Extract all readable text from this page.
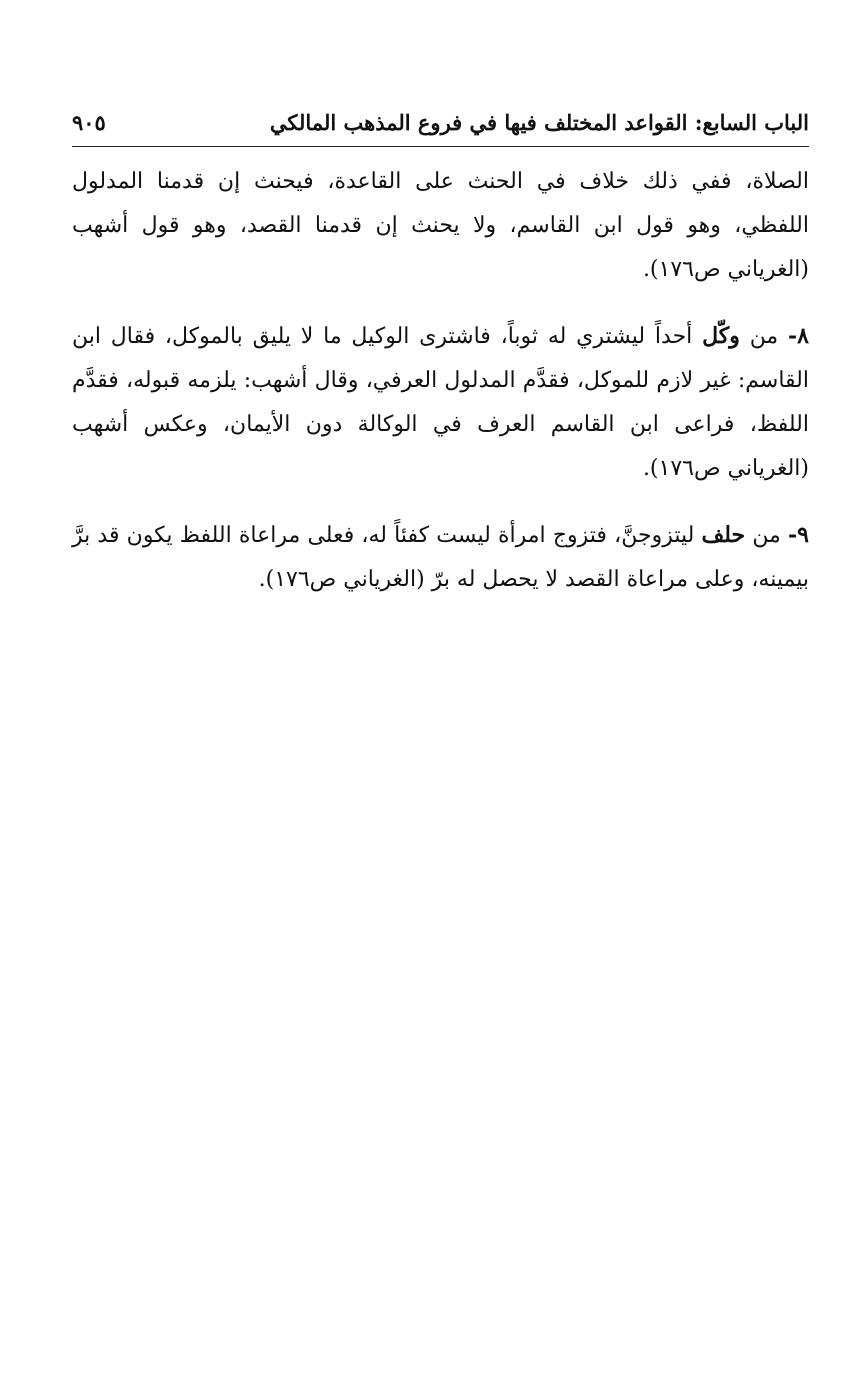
الباب السابع: القواعد المختلف فيها في فروع المذهب المالكي
٩٠٥

الصلاة، ففي ذلك خلاف في الحنث على القاعدة، فيحنث إن قدمنا المدلول اللفظي، وهو قول ابن القاسم، ولا يحنث إن قدمنا القصد، وهو قول أشهب (الغرياني ص١٧٦).

٨- من وكّل أحداً ليشتري له ثوباً، فاشترى الوكيل ما لا يليق بالموكل، فقال ابن القاسم: غير لازم للموكل، فقدَّم المدلول العرفي، وقال أشهب: يلزمه قبوله، فقدَّم اللفظ، فراعى ابن القاسم العرف في الوكالة دون الأيمان، وعكس أشهب (الغرياني ص١٧٦).

٩- من حلف ليتزوجنَّ، فتزوج امرأة ليست كفئاً له، فعلى مراعاة اللفظ يكون قد برَّ بيمينه، وعلى مراعاة القصد لا يحصل له برّ (الغرياني ص١٧٦).
